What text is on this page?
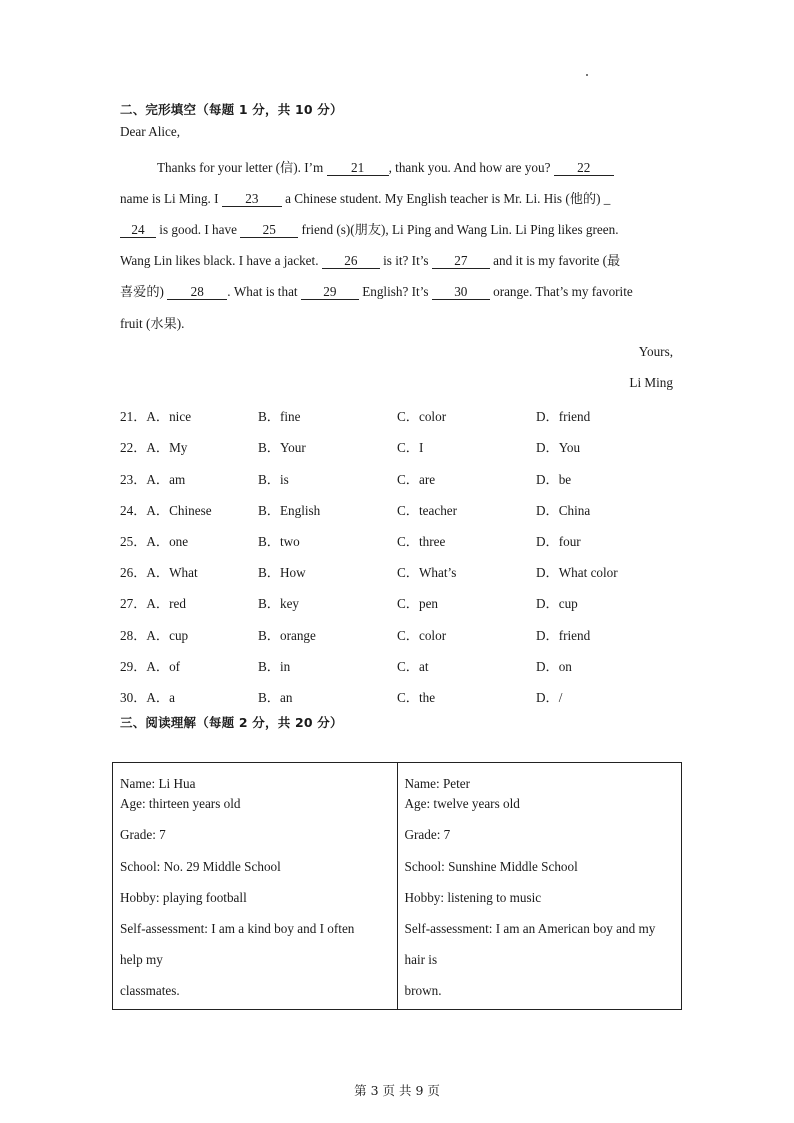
二、完形填空（每题 1 分，共 10 分）
Dear Alice,
Thanks for your letter (信). I’m 21 , thank you. And how are you? 22
name is Li Ming. I 23 a Chinese student. My English teacher is Mr. Li. His (他的) _
24 is good. I have 25 friend (s)(朋友), Li Ping and Wang Lin. Li Ping likes green.
Wang Lin likes black. I have a jacket. 26 is it? It’s 27 and it is my favorite (最
喜爱的) 28 . What is that 29 English? It’s 30 orange. That’s my favorite
fruit (水果).
Yours,
Li Ming
21．A．nice	B．fine	C．color	D．friend
22．A．My	B．Your	C．I	D．You
23．A．am	B．is	C．are	D．be
24．A．Chinese	B．English	C．teacher	D．China
25．A．one	B．two	C．three	D．four
26．A．What	B．How	C．What’s	D．What color
27．A．red	B．key	C．pen	D．cup
28．A．cup	B．orange	C．color	D．friend
29．A．of	B．in	C．at	D．on
30．A．a	B．an	C．the	D．/
三、阅读理解（每题 2 分，共 20 分）
Name: Li Hua
Age: thirteen years old
Grade: 7
School: No. 29 Middle School
Hobby: playing football
Self-assessment: I am a kind boy and I often
help my
classmates.

Name: Peter
Age: twelve years old
Grade: 7
School: Sunshine Middle School
Hobby: listening to music
Self-assessment: I am an American boy and my
hair is
brown.
第 3 页 共 9 页
